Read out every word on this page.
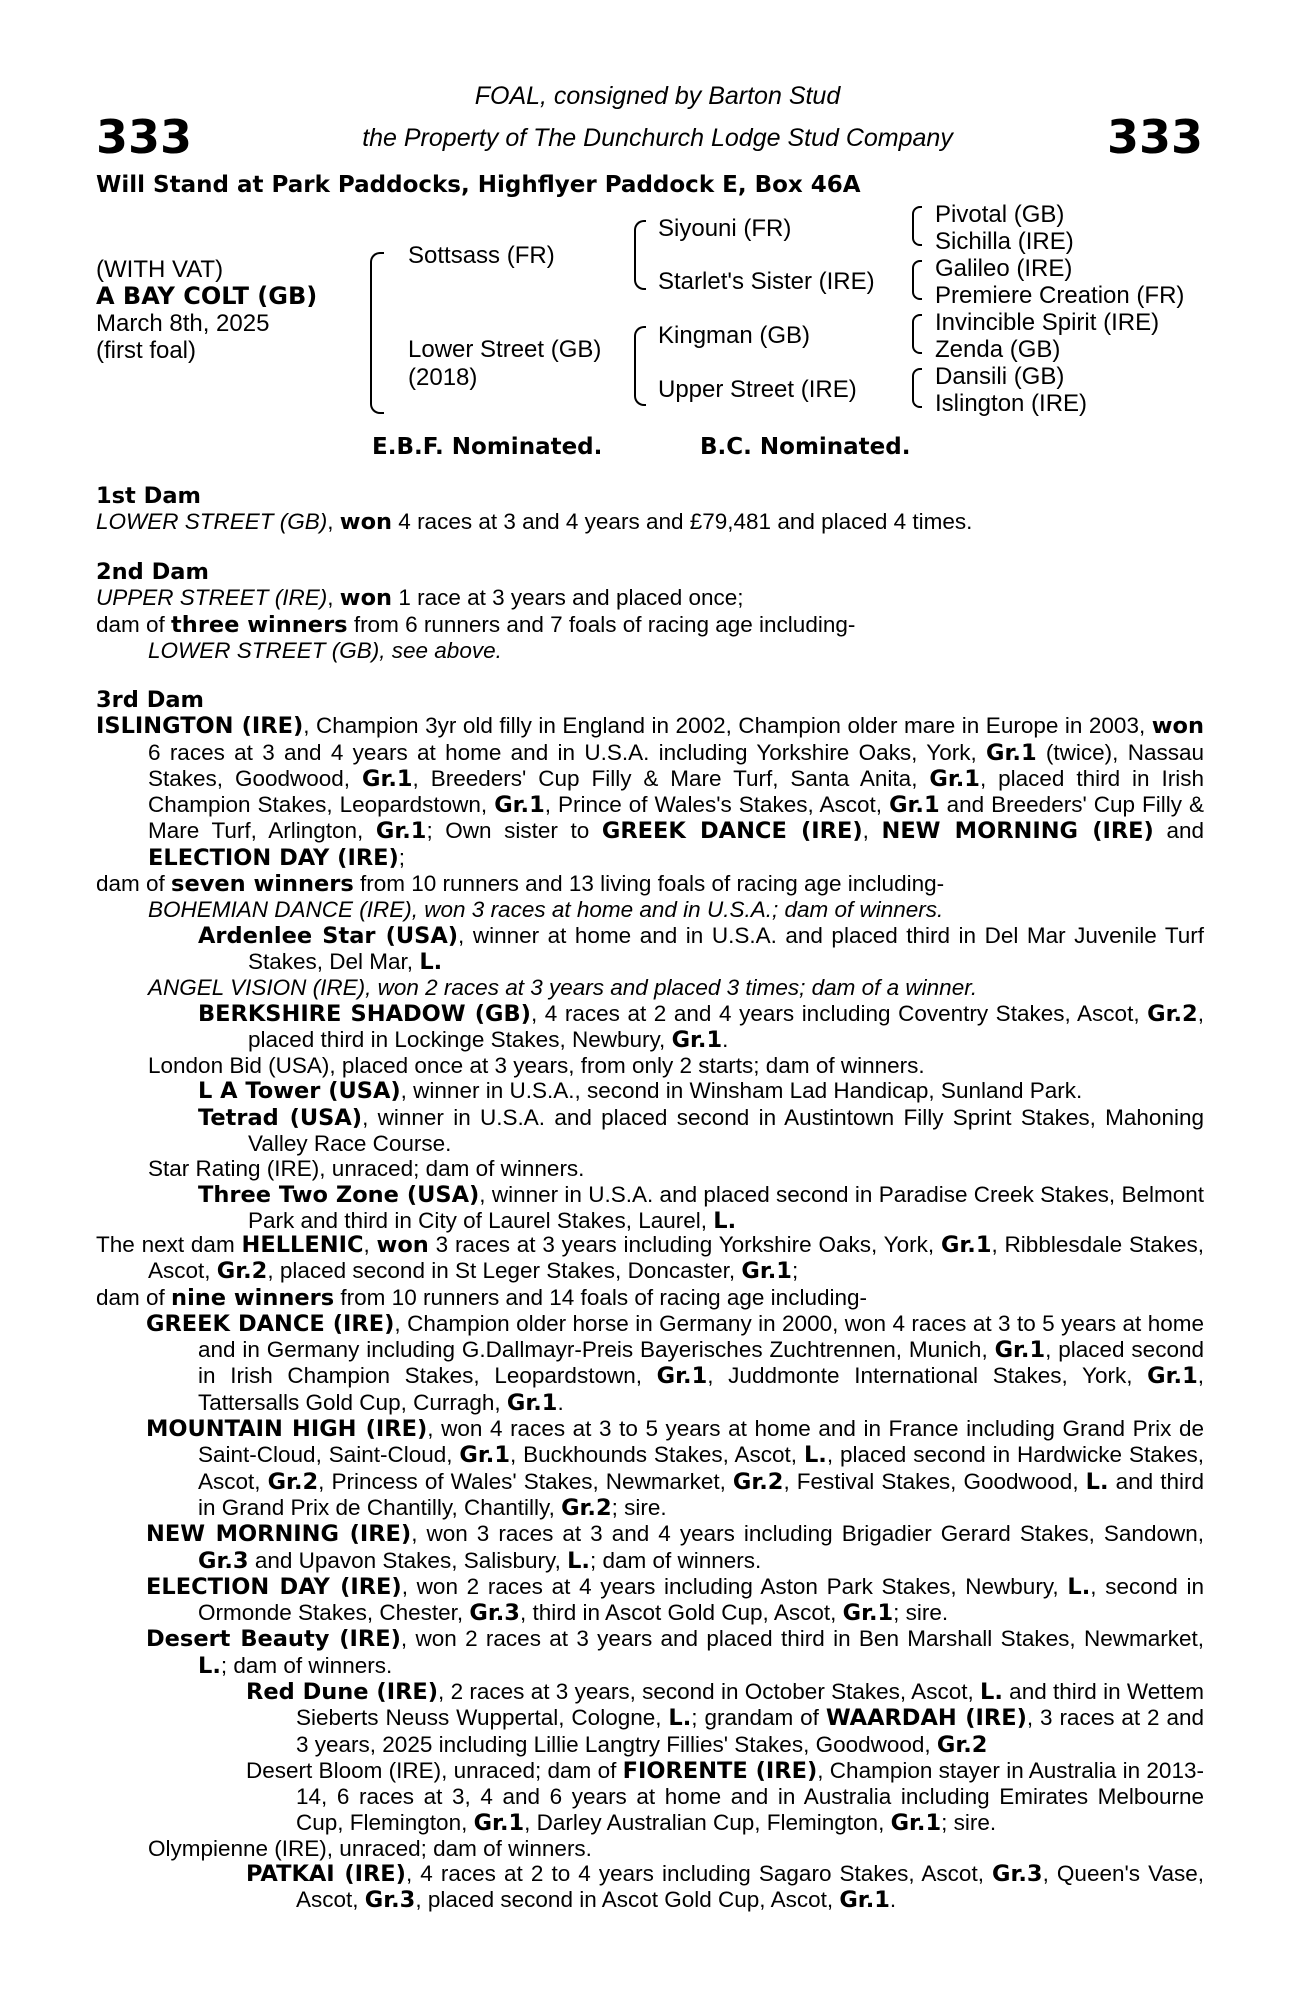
333	333
FOAL, consigned by Barton Stud
the Property of The Dunchurch Lodge Stud Company
Will Stand at Park Paddocks, Highflyer Paddock E, Box 46A
(WITH VAT)
A BAY COLT (GB)
March 8th, 2025
(first foal)
Sottsass (FR)
Lower Street (GB)
(2018)
Siyouni (FR)
Starlet's Sister (IRE)
Kingman (GB)
Upper Street (IRE)
Pivotal (GB)
Sichilla (IRE)
Galileo (IRE)
Premiere Creation (FR)
Invincible Spirit (IRE)
Zenda (GB)
Dansili (GB)
Islington (IRE)
E.B.F. Nominated.	B.C. Nominated.
1st Dam
LOWER STREET (GB), won 4 races at 3 and 4 years and £79,481 and placed 4 times.
2nd Dam
UPPER STREET (IRE), won 1 race at 3 years and placed once;
dam of three winners from 6 runners and 7 foals of racing age including-
LOWER STREET (GB), see above.
3rd Dam
ISLINGTON (IRE), Champion 3yr old filly in England in 2002, Champion older mare in Europe in 2003, won 6 races at 3 and 4 years at home and in U.S.A. including Yorkshire Oaks, York, Gr.1 (twice), Nassau Stakes, Goodwood, Gr.1, Breeders' Cup Filly & Mare Turf, Santa Anita, Gr.1, placed third in Irish Champion Stakes, Leopardstown, Gr.1, Prince of Wales's Stakes, Ascot, Gr.1 and Breeders' Cup Filly & Mare Turf, Arlington, Gr.1; Own sister to GREEK DANCE (IRE), NEW MORNING (IRE) and ELECTION DAY (IRE);
dam of seven winners from 10 runners and 13 living foals of racing age including-
BOHEMIAN DANCE (IRE), won 3 races at home and in U.S.A.; dam of winners.
Ardenlee Star (USA), winner at home and in U.S.A. and placed third in Del Mar Juvenile Turf Stakes, Del Mar, L.
ANGEL VISION (IRE), won 2 races at 3 years and placed 3 times; dam of a winner.
BERKSHIRE SHADOW (GB), 4 races at 2 and 4 years including Coventry Stakes, Ascot, Gr.2, placed third in Lockinge Stakes, Newbury, Gr.1.
London Bid (USA), placed once at 3 years, from only 2 starts; dam of winners.
L A Tower (USA), winner in U.S.A., second in Winsham Lad Handicap, Sunland Park.
Tetrad (USA), winner in U.S.A. and placed second in Austintown Filly Sprint Stakes, Mahoning Valley Race Course.
Star Rating (IRE), unraced; dam of winners.
Three Two Zone (USA), winner in U.S.A. and placed second in Paradise Creek Stakes, Belmont Park and third in City of Laurel Stakes, Laurel, L.
The next dam HELLENIC, won 3 races at 3 years including Yorkshire Oaks, York, Gr.1, Ribblesdale Stakes, Ascot, Gr.2, placed second in St Leger Stakes, Doncaster, Gr.1;
dam of nine winners from 10 runners and 14 foals of racing age including-
GREEK DANCE (IRE), Champion older horse in Germany in 2000, won 4 races at 3 to 5 years at home and in Germany including G.Dallmayr-Preis Bayerisches Zuchtrennen, Munich, Gr.1, placed second in Irish Champion Stakes, Leopardstown, Gr.1, Juddmonte International Stakes, York, Gr.1, Tattersalls Gold Cup, Curragh, Gr.1.
MOUNTAIN HIGH (IRE), won 4 races at 3 to 5 years at home and in France including Grand Prix de Saint-Cloud, Saint-Cloud, Gr.1, Buckhounds Stakes, Ascot, L., placed second in Hardwicke Stakes, Ascot, Gr.2, Princess of Wales' Stakes, Newmarket, Gr.2, Festival Stakes, Goodwood, L. and third in Grand Prix de Chantilly, Chantilly, Gr.2; sire.
NEW MORNING (IRE), won 3 races at 3 and 4 years including Brigadier Gerard Stakes, Sandown, Gr.3 and Upavon Stakes, Salisbury, L.; dam of winners.
ELECTION DAY (IRE), won 2 races at 4 years including Aston Park Stakes, Newbury, L., second in Ormonde Stakes, Chester, Gr.3, third in Ascot Gold Cup, Ascot, Gr.1; sire.
Desert Beauty (IRE), won 2 races at 3 years and placed third in Ben Marshall Stakes, Newmarket, L.; dam of winners.
Red Dune (IRE), 2 races at 3 years, second in October Stakes, Ascot, L. and third in Wettem Sieberts Neuss Wuppertal, Cologne, L.; grandam of WAARDAH (IRE), 3 races at 2 and 3 years, 2025 including Lillie Langtry Fillies' Stakes, Goodwood, Gr.2
Desert Bloom (IRE), unraced; dam of FIORENTE (IRE), Champion stayer in Australia in 2013-14, 6 races at 3, 4 and 6 years at home and in Australia including Emirates Melbourne Cup, Flemington, Gr.1, Darley Australian Cup, Flemington, Gr.1; sire.
Olympienne (IRE), unraced; dam of winners.
PATKAI (IRE), 4 races at 2 to 4 years including Sagaro Stakes, Ascot, Gr.3, Queen's Vase, Ascot, Gr.3, placed second in Ascot Gold Cup, Ascot, Gr.1.
